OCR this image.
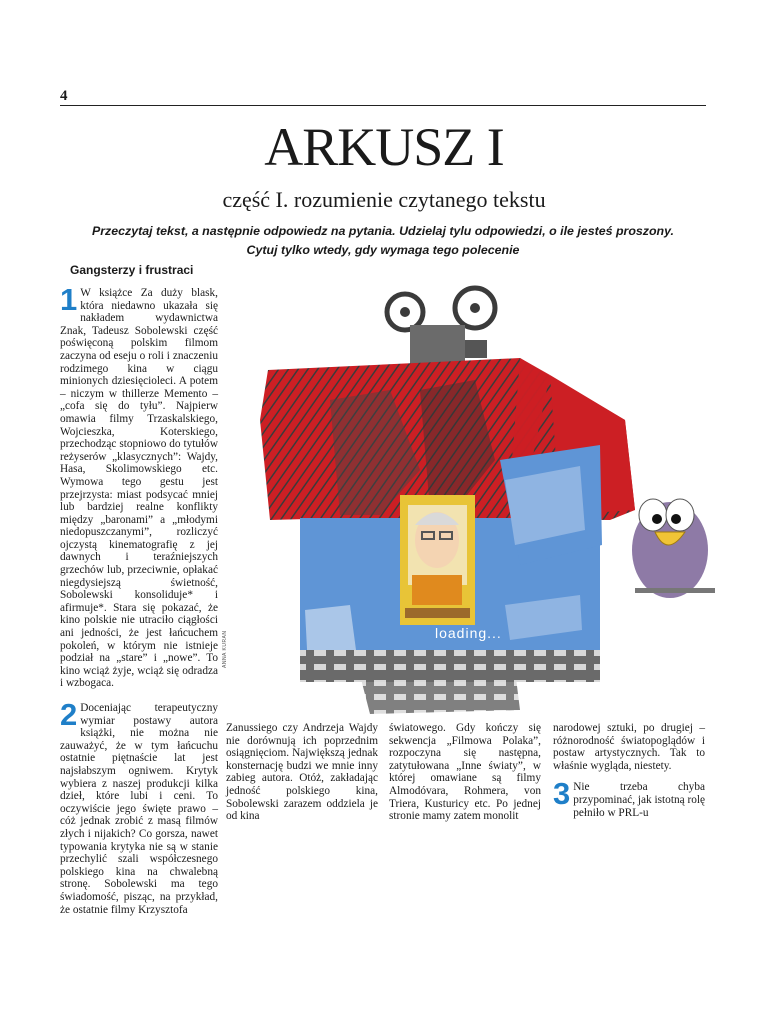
4
ARKUSZ I
część I. rozumienie czytanego tekstu

Przeczytaj tekst, a następnie odpowiedz na pytania. Udzielaj tylu odpowiedzi, o ile jesteś proszony.

Cytuj tylko wtedy, gdy wymaga tego polecenie

Gangsterzy i frustraci

1 W książce Za duży blask, która niedawno ukazała się nakładem wydawnictwa Znak, Tadeusz Sobolewski część poświęconą polskim filmom zaczyna od eseju o roli i znaczeniu rodzimego kina w ciągu minionych dziesięcioleci. A potem – niczym w thillerze Memento – „cofa się do tyłu”. Najpierw omawia filmy Trzaskalskiego, Wojcieszka, Koterskiego, przechodząc stopniowo do tytułów reżyserów „klasycznych”: Wajdy, Hasa, Skolimowskiego etc. Wymowa tego gestu jest przejrzysta: miast podsycać mniej lub bardziej realne konflikty między „baronami” a „młodymi niedopuszczanymi”, rozliczyć ojczystą kinematografię z jej dawnych i teraźniejszych grzechów lub, przeciwnie, opłakać niegdysiejszą świetność, Sobolewski konsoliduje* i afirmuje*. Stara się pokazać, że kino polskie nie utraciło ciągłości ani jedności, że jest łańcuchem pokoleń, w którym nie istnieje podział na „stare” i „nowe”. To kino wciąż żyje, wciąż się odradza i wzbogaca.

2 Doceniając terapeutyczny wymiar postawy autora książki, nie można nie zauważyć, że w tym łańcuchu ostatnie piętnaście lat jest najsłabszym ogniwem. Krytyk wybiera z naszej produkcji kilka dzieł, które lubi i ceni. To oczywiście jego święte prawo – cóż jednak zrobić z masą filmów złych i nijakich? Co gorsza, nawet typowania krytyka nie są w stanie przechylić szali współczesnego polskiego kina na chwalebną stronę. Sobolewski ma tego świadomość, pisząc, na przykład, że ostatnie filmy Krzysztofa

ANNA KURAN	loading...

Zanussiego czy Andrzeja Wajdy nie dorównują ich poprzednim osiągnięciom. Największą jednak konsternację budzi we mnie inny zabieg autora. Otóż, zakładając jedność polskiego kina, Sobolewski zarazem oddziela je od kina

światowego. Gdy kończy się sekwencja „Filmowa Polaka”, rozpoczyna się następna, zatytułowana „Inne światy”, w której omawiane są filmy Almodóvara, Rohmera, von Triera, Kusturicy etc. Po jednej stronie mamy zatem monolit

narodowej sztuki, po drugiej – różnorodność światopoglądów i postaw artystycznych. Tak to właśnie wygląda, niestety.

3 Nie trzeba chyba przypominać, jak istotną rolę pełniło w PRL-u
